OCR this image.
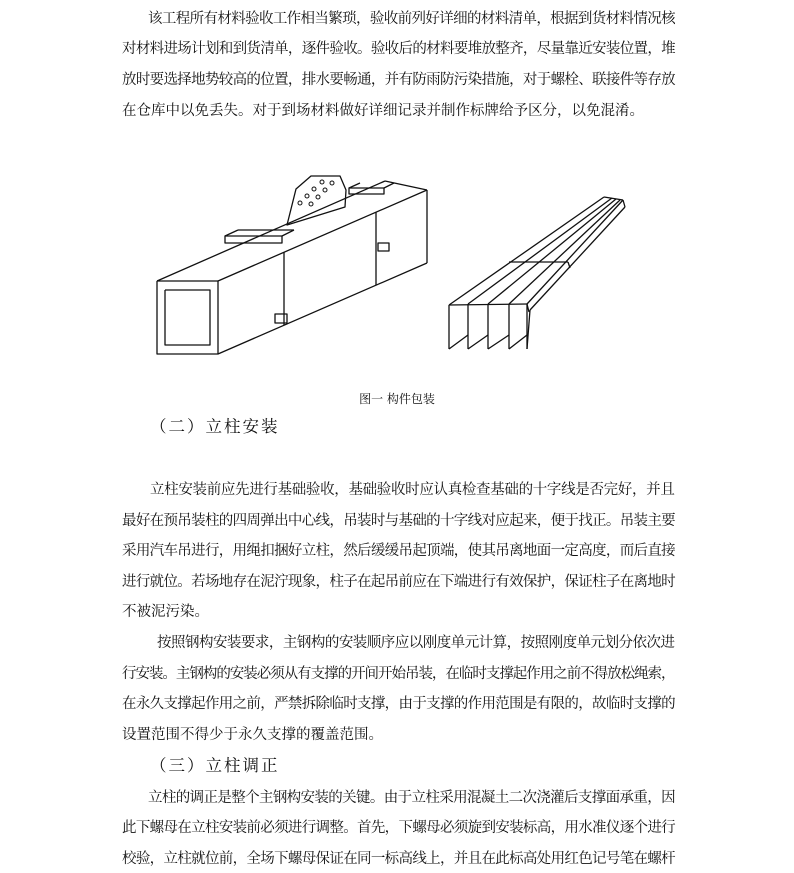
该工程所有材料验收工作相当繁琐，验收前列好详细的材料清单，根据到货材料情况核
对材料进场计划和到货清单，逐件验收。验收后的材料要堆放整齐，尽量靠近安装位置，堆
放时要选择地势较高的位置，排水要畅通，并有防雨防污染措施，对于螺栓、联接件等存放
在仓库中以免丢失。对于到场材料做好详细记录并制作标牌给予区分，以免混淆。
图一 构件包装
（二）立柱安装
立柱安装前应先进行基础验收，基础验收时应认真检查基础的十字线是否完好，并且
最好在预吊装柱的四周弹出中心线，吊装时与基础的十字线对应起来，便于找正。吊装主要
采用汽车吊进行，用绳扣捆好立柱，然后缓缓吊起顶端，使其吊离地面一定高度，而后直接
进行就位。若场地存在泥泞现象，柱子在起吊前应在下端进行有效保护，保证柱子在离地时
不被泥污染。
按照钢构安装要求，主钢构的安装顺序应以刚度单元计算，按照刚度单元划分依次进
行安装。主钢构的安装必须从有支撑的开间开始吊装，在临时支撑起作用之前不得放松绳索，
在永久支撑起作用之前，严禁拆除临时支撑，由于支撑的作用范围是有限的，故临时支撑的
设置范围不得少于永久支撑的覆盖范围。
（三）立柱调正
立柱的调正是整个主钢构安装的关键。由于立柱采用混凝土二次浇灌后支撑面承重，因
此下螺母在立柱安装前必须进行调整。首先，下螺母必须旋到安装标高，用水准仪逐个进行
校验，立柱就位前，全场下螺母保证在同一标高线上，并且在此标高处用红色记号笔在螺杆
